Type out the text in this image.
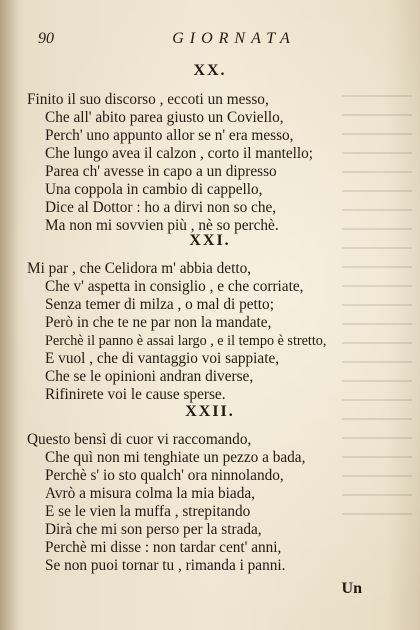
90	GIORNATA
XX.
Finito il suo discorso , eccoti un messo,
Che all' abito parea giusto un Coviello,
Perch' uno appunto allor se n' era messo,
Che lungo avea il calzon , corto il mantello;
Parea ch' avesse in capo a un dipresso
Una coppola in cambio di cappello,
Dice al Dottor : ho a dirvi non so che,
Ma non mi sovvien più , nè so perchè.
XXI.
Mi par , che Celidora m' abbia detto,
Che v' aspetta in consiglio , e che corriate,
Senza temer di milza , o mal di petto;
Però in che te ne par non la mandate,
Perchè il panno è assai largo , e il tempo è stretto,
E vuol , che di vantaggio voi sappiate,
Che se le opinioni andran diverse,
Rifinirete voi le cause sperse.
XXII.
Questo bensì di cuor vi raccomando,
Che quì non mi tenghiate un pezzo a bada,
Perchè s' io sto qualch' ora ninnolando,
Avrò a misura colma la mia biada,
E se le vien la muffa , strepitando
Dirà che mi son perso per la strada,
Perchè mi disse : non tardar cent' anni,
Se non puoi tornar tu , rimanda i panni.
Un
